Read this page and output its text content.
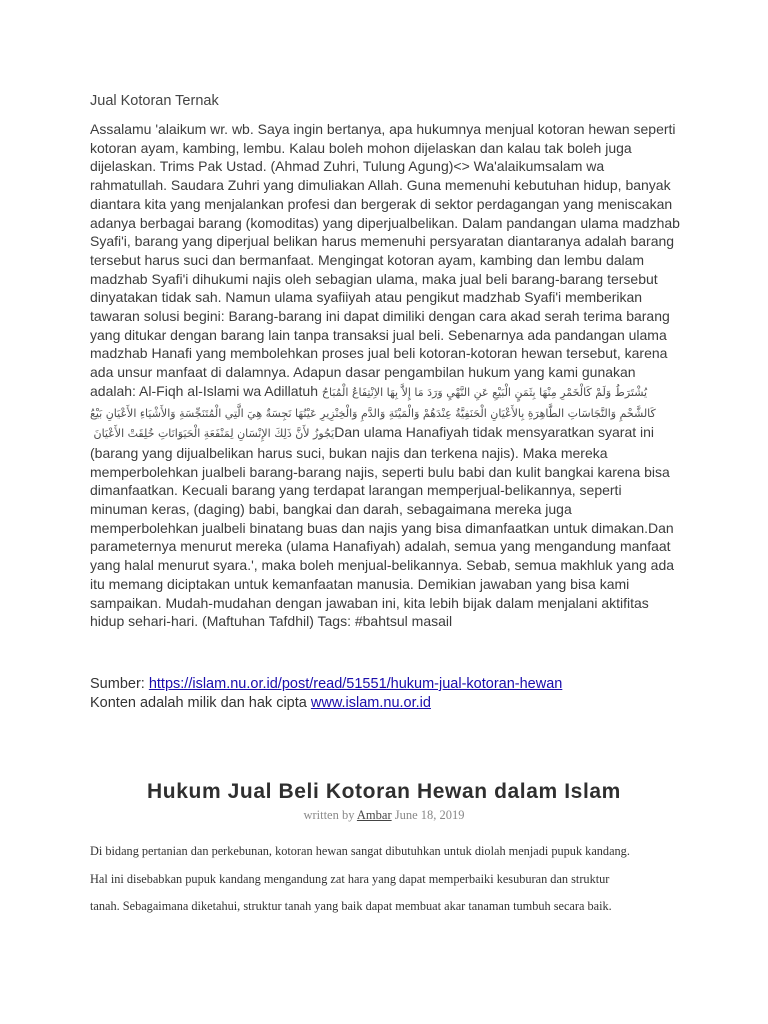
Jual Kotoran Ternak

Assalamu 'alaikum wr. wb. Saya ingin bertanya, apa hukumnya menjual kotoran hewan seperti kotoran ayam, kambing, lembu. Kalau boleh mohon dijelaskan dan kalau tak boleh juga dijelaskan. Trims Pak Ustad. (Ahmad Zuhri, Tulung Agung)<> Wa'alaikumsalam wa rahmatullah. Saudara Zuhri yang dimuliakan Allah. Guna memenuhi kebutuhan hidup, banyak diantara kita yang menjalankan profesi dan bergerak di sektor perdagangan yang meniscakan adanya berbagai barang (komoditas) yang diperjualbelikan. Dalam pandangan ulama madzhab Syafi'i, barang yang diperjual belikan harus memenuhi persyaratan diantaranya adalah barang tersebut harus suci dan bermanfaat. Mengingat kotoran ayam, kambing dan lembu dalam madzhab Syafi'i dihukumi najis oleh sebagian ulama, maka jual beli barang-barang tersebut dinyatakan tidak sah. Namun ulama syafiiyah atau pengikut madzhab Syafi'i memberikan tawaran solusi begini: Barang-barang ini dapat dimiliki dengan cara akad serah terima barang yang ditukar dengan barang lain tanpa transaksi jual beli. Sebenarnya ada pandangan ulama madzhab Hanafi yang membolehkan proses jual beli kotoran-kotoran hewan tersebut, karena ada unsur manfaat di dalamnya. Adapun dasar pengambilan hukum yang kami gunakan adalah: Al-Fiqh al-Islami wa Adillatuh يُشْتَرَطُ وَلَمْ كَالْخَمْرِ مِنْهَا بِثَمَنٍ الْبَيْعِ عَنِ النَّهْيِ وَرَدَ مَا إِلاَّ بِهَا الاِنْتِفَاعُ الْمُبَاحُ كَالشَّحْمِ وَالنَّجَاسَاتِ الطَّاهِرَةِ بِالأَعْيَانِ الْحَنَفِيَّةُ عِنْدَهُمْ وَالْمَيْتَةِ وَالدَّمِ وَالْخِنْزِيرِ عَيْنُهَا نَجِسَةٌ هِيَ الَّتِي الْمُتَنَجِّسَةِ وَالأَشْيَاءِ الأَعْيَانِ بَيْعُ يَجُوزُ لأَنَّ ذَلِكَ الإِنْسَانِ لِمَنْفَعَةِ الْحَيَوَانَاتِ خُلِقَتْ الأَعْيَانَ Dan ulama Hanafiyah tidak mensyaratkan syarat ini (barang yang dijualbelikan harus suci, bukan najis dan terkena najis). Maka mereka memperbolehkan jualbeli barang-barang najis, seperti bulu babi dan kulit bangkai karena bisa dimanfaatkan. Kecuali barang yang terdapat larangan memperjual-belikannya, seperti minuman keras, (daging) babi, bangkai dan darah, sebagaimana mereka juga memperbolehkan jualbeli binatang buas dan najis yang bisa dimanfaatkan untuk dimakan.Dan parameternya menurut mereka (ulama Hanafiyah) adalah, semua yang mengandung manfaat yang halal menurut syara.', maka boleh menjual-belikannya. Sebab, semua makhluk yang ada itu memang diciptakan untuk kemanfaatan manusia. Demikian jawaban yang bisa kami sampaikan. Mudah-mudahan dengan jawaban ini, kita lebih bijak dalam menjalani aktifitas hidup sehari-hari. (Maftuhan Tafdhil) Tags: #bahtsul masail

Sumber: https://islam.nu.or.id/post/read/51551/hukum-jual-kotoran-hewan
Konten adalah milik dan hak cipta www.islam.nu.or.id
Hukum Jual Beli Kotoran Hewan dalam Islam
written by Ambar June 18, 2019

Di bidang pertanian dan perkebunan, kotoran hewan sangat dibutuhkan untuk diolah menjadi pupuk kandang.

Hal ini disebabkan pupuk kandang mengandung zat hara yang dapat memperbaiki kesuburan dan struktur

tanah. Sebagaimana diketahui, struktur tanah yang baik dapat membuat akar tanaman tumbuh secara baik.
